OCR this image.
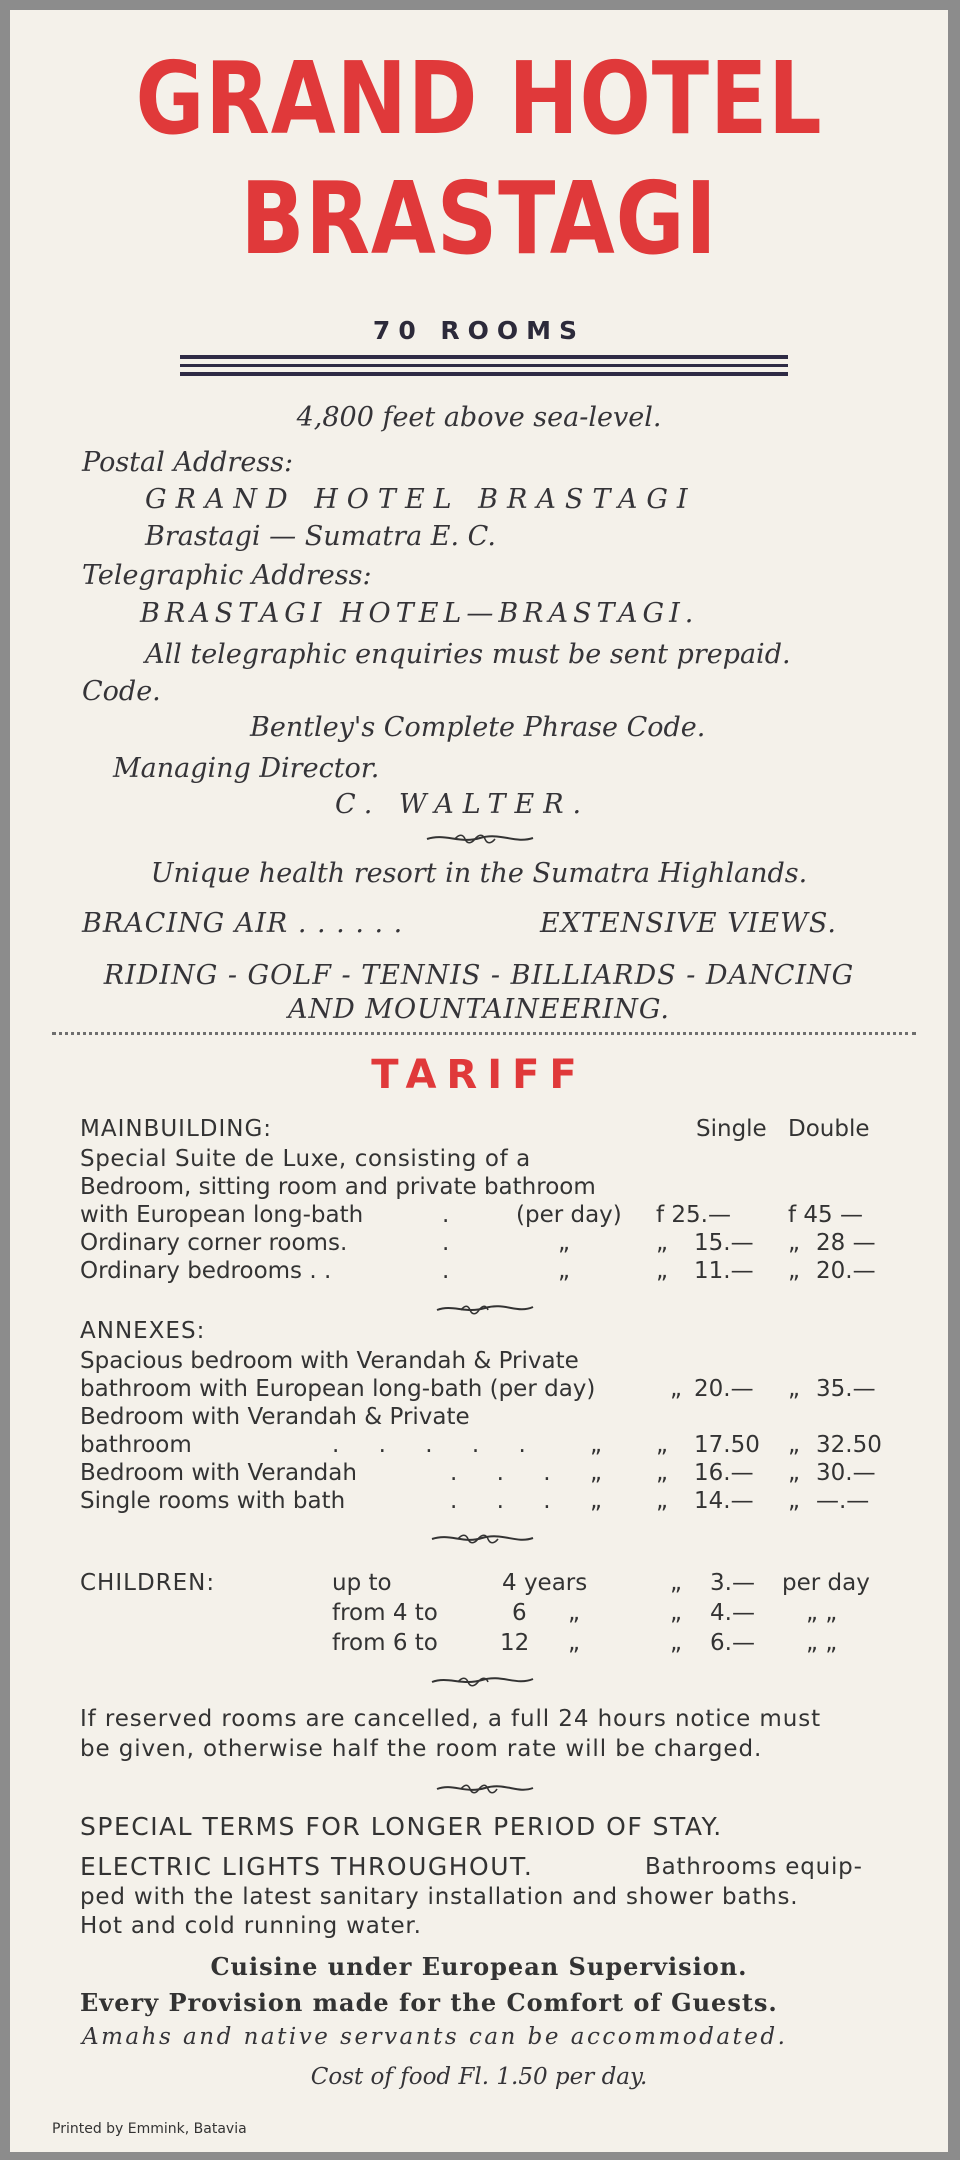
GRAND HOTEL
BRASTAGI
70 ROOMS
4,800 feet above sea-level.
Postal Address:
GRAND HOTEL BRASTAGI
Brastagi — Sumatra E. C.
Telegraphic Address:
BRASTAGI HOTEL—BRASTAGI.
All telegraphic enquiries must be sent prepaid.
Code.
Bentley's Complete Phrase Code.
Managing Director.
C. WALTER.
Unique health resort in the Sumatra Highlands.
BRACING AIR . . . . . .	EXTENSIVE VIEWS.
RIDING - GOLF - TENNIS - BILLIARDS - DANCING
AND MOUNTAINEERING.
TARIFF
MAINBUILDING:	Single Double
Special Suite de Luxe, consisting of a
Bedroom, sitting room and private bathroom
with European long-bath	.	(per day) f 25.— f 45 —
Ordinary corner rooms.	.	„	„ 15.— „ 28 —
Ordinary bedrooms . .	.	„	„ 11.— „ 20.—
ANNEXES:
Spacious bedroom with Verandah & Private
bathroom with European long-bath (per day)	„ 20.— „ 35.—
Bedroom with Verandah & Private
bathroom	. . . . . „ „ 17.50 „ 32.50
Bedroom with Verandah	. . . „ „ 16.— „ 30.—
Single rooms with bath	. . . „ „ 14.— „ —.—
CHILDREN:	up to	4 years	„ 3.— per day
from 4 to	6 „	„ 4.— „ „
from 6 to	12 „	„ 6.— „ „
If reserved rooms are cancelled, a full 24 hours notice must
be given, otherwise half the room rate will be charged.
SPECIAL TERMS FOR LONGER PERIOD OF STAY.
ELECTRIC LIGHTS THROUGHOUT.	Bathrooms equip-
ped with the latest sanitary installation and shower baths.
Hot and cold running water.
Cuisine under European Supervision.
Every Provision made for the Comfort of Guests.
Amahs and native servants can be accommodated.
Cost of food Fl. 1.50 per day.
Printed by Emmink, Batavia
